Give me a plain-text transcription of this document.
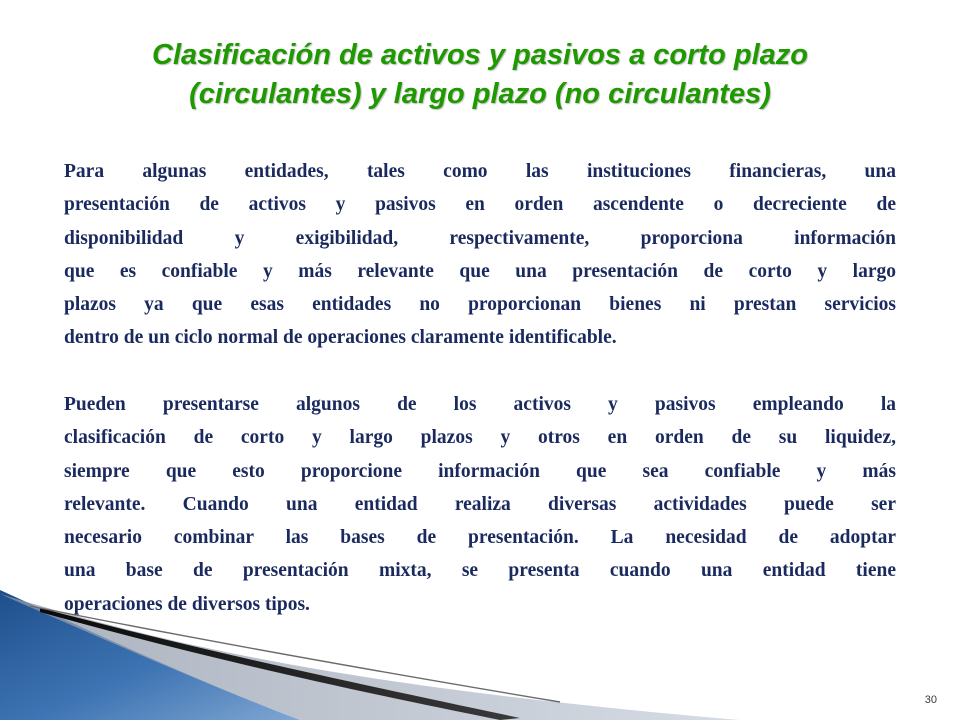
Clasificación de activos y pasivos a corto plazo
(circulantes) y largo plazo (no circulantes)
Para algunas entidades, tales como las instituciones financieras, una
presentación de activos y pasivos en orden ascendente o decreciente de
disponibilidad y exigibilidad, respectivamente, proporciona información
que es confiable y más relevante que una presentación de corto y largo
plazos ya que esas entidades no proporcionan bienes ni prestan servicios
dentro de un ciclo normal de operaciones claramente identificable.
Pueden presentarse algunos de los activos y pasivos empleando la
clasificación de corto y largo plazos y otros en orden de su liquidez,
siempre que esto proporcione información que sea confiable y más
relevante. Cuando una entidad realiza diversas actividades puede ser
necesario combinar las bases de presentación. La necesidad de adoptar
una base de presentación mixta, se presenta cuando una entidad tiene
operaciones de diversos tipos.
30
